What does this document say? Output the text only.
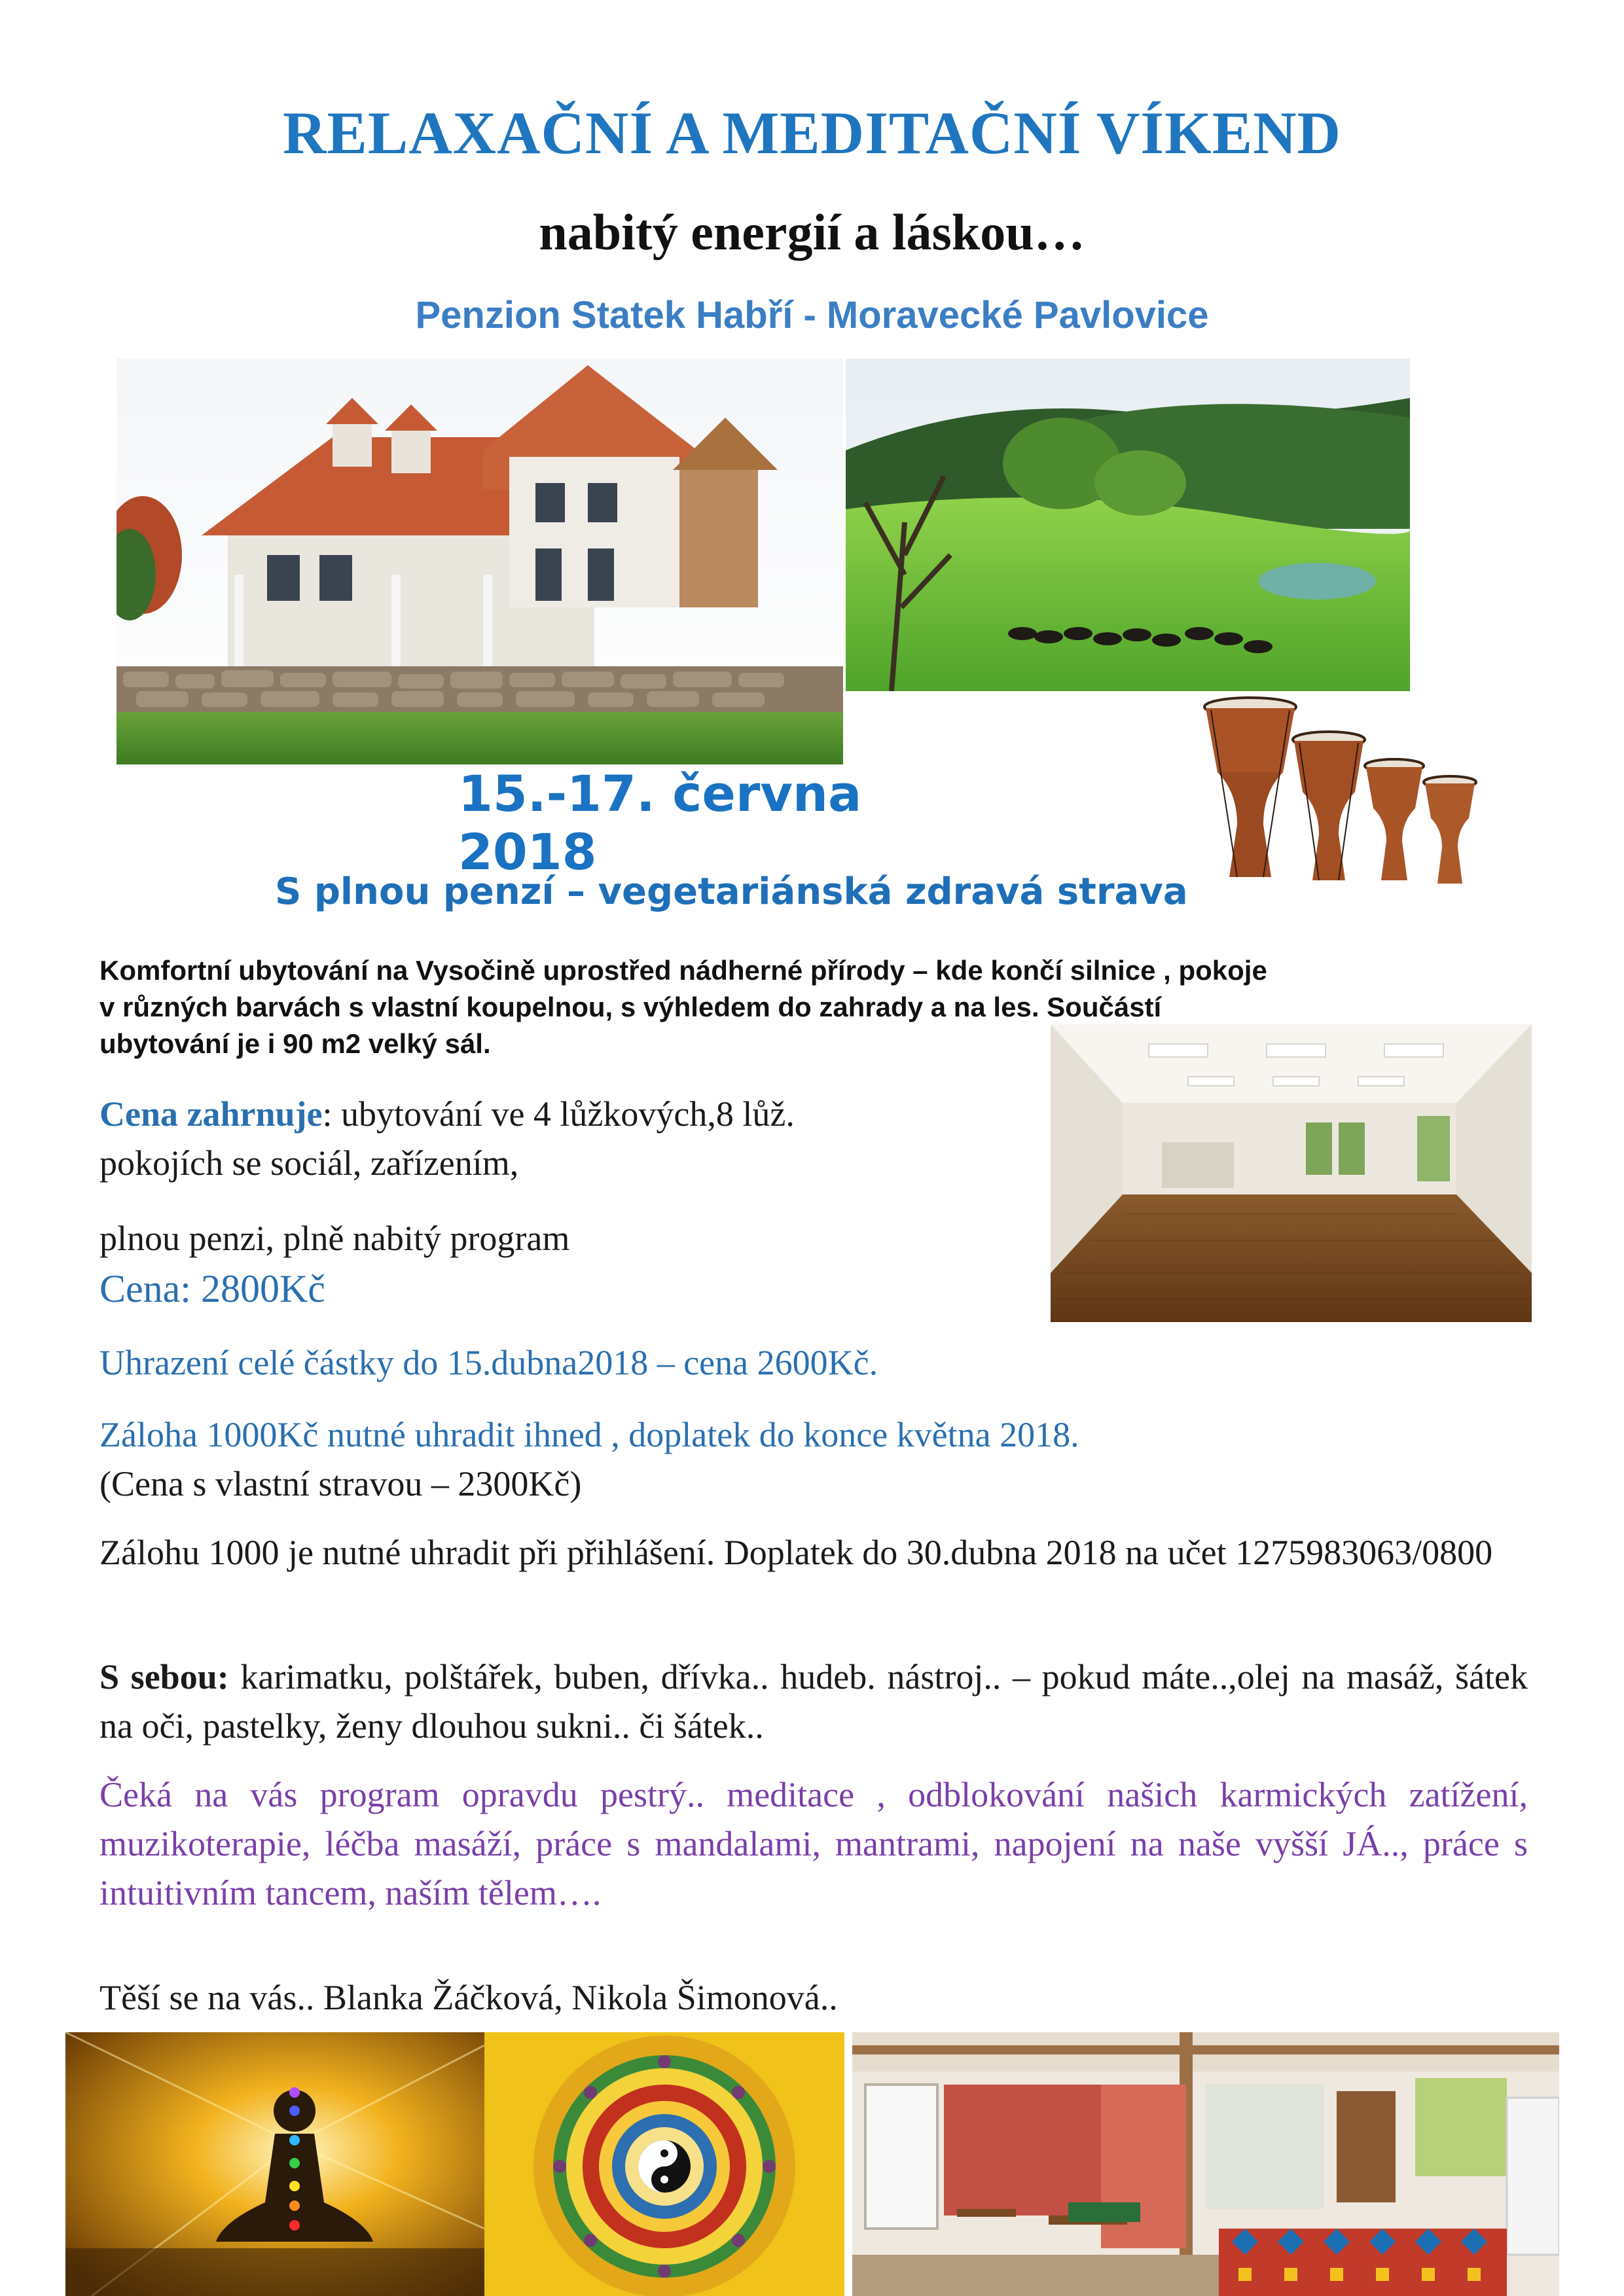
RELAXAČNÍ A MEDITAČNÍ VÍKEND
nabitý energií a láskou…
Penzion Statek Habří - Moravecké Pavlovice
15.-17. června 2018
S plnou penzí – vegetariánská zdravá strava
Komfortní ubytování na Vysočině uprostřed nádherné přírody – kde končí silnice , pokoje
v různých barvách s vlastní koupelnou, s výhledem do zahrady a na les. Součástí
ubytování je i 90 m2 velký sál.
Cena zahrnuje: ubytování ve 4 lůžkových,8 lůž.
pokojích se sociál, zařízením,
plnou penzi, plně nabitý program
Cena: 2800Kč
Uhrazení celé částky do 15.dubna2018 – cena 2600Kč.
Záloha 1000Kč nutné uhradit ihned , doplatek do konce května 2018.
(Cena s vlastní stravou – 2300Kč)
Zálohu 1000 je nutné uhradit při přihlášení. Doplatek do 30.dubna 2018 na učet 1275983063/0800
S sebou: karimatku, polštářek, buben, dřívka.. hudeb. nástroj.. – pokud máte..,olej na masáž, šátek na oči, pastelky, ženy dlouhou sukni.. či šátek..
Čeká na vás program opravdu pestrý.. meditace , odblokování našich karmických zatížení, muzikoterapie, léčba masáží, práce s mandalami, mantrami, napojení na naše vyšší JÁ.., práce s intuitivním tancem, naším tělem….
Těší se na vás.. Blanka Žáčková, Nikola Šimonová..
